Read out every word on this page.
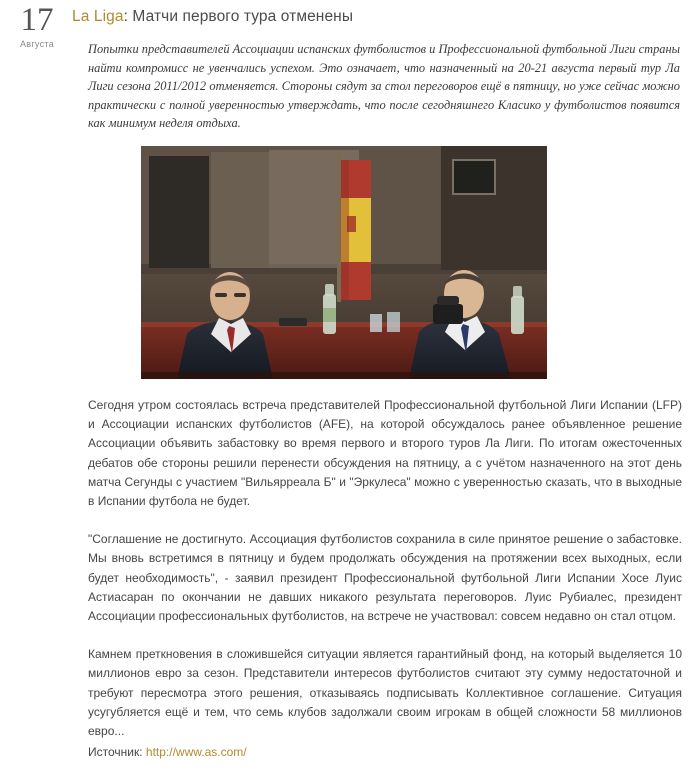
17
Августа
La Liga: Матчи первого тура отменены
Попытки представителей Ассоциации испанских футболистов и Профессиональной футбольной Лиги страны найти компромисс не увенчались успехом. Это означает, что назначенный на 20-21 августа первый тур Ла Лиги сезона 2011/2012 отменяется. Стороны сядут за стол переговоров ещё в пятницу, но уже сейчас можно практически с полной уверенностью утверждать, что после сегодняшнего Класико у футболистов появится как минимум неделя отдыха.

Сегодня утром состоялась встреча представителей Профессиональной футбольной Лиги Испании (LFP) и Ассоциации испанских футболистов (AFE), на которой обсуждалось ранее объявленное решение Ассоциации объявить забастовку во время первого и второго туров Ла Лиги. По итогам ожесточенных дебатов обе стороны решили перенести обсуждения на пятницу, а с учётом назначенного на этот день матча Сегунды с участием "Вильярреала Б" и "Эркулеса" можно с уверенностью сказать, что в выходные в Испании футбола не будет.

"Соглашение не достигнуто. Ассоциация футболистов сохранила в силе принятое решение о забастовке. Мы вновь встретимся в пятницу и будем продолжать обсуждения на протяжении всех выходных, если будет необходимость", - заявил президент Профессиональной футбольной Лиги Испании Хосе Луис Астиасаран по окончании не давших никакого результата переговоров. Луис Рубиалес, президент Ассоциации профессиональных футболистов, на встрече не участвовал: совсем недавно он стал отцом.

Камнем преткновения в сложившейся ситуации является гарантийный фонд, на который выделяется 10 миллионов евро за сезон. Представители интересов футболистов считают эту сумму недостаточной и требуют пересмотра этого решения, отказываясь подписывать Коллективное соглашение. Ситуация усугубляется ещё и тем, что семь клубов задолжали своим игрокам в общей сложности 58 миллионов евро...

Источник: http://www.as.com/
